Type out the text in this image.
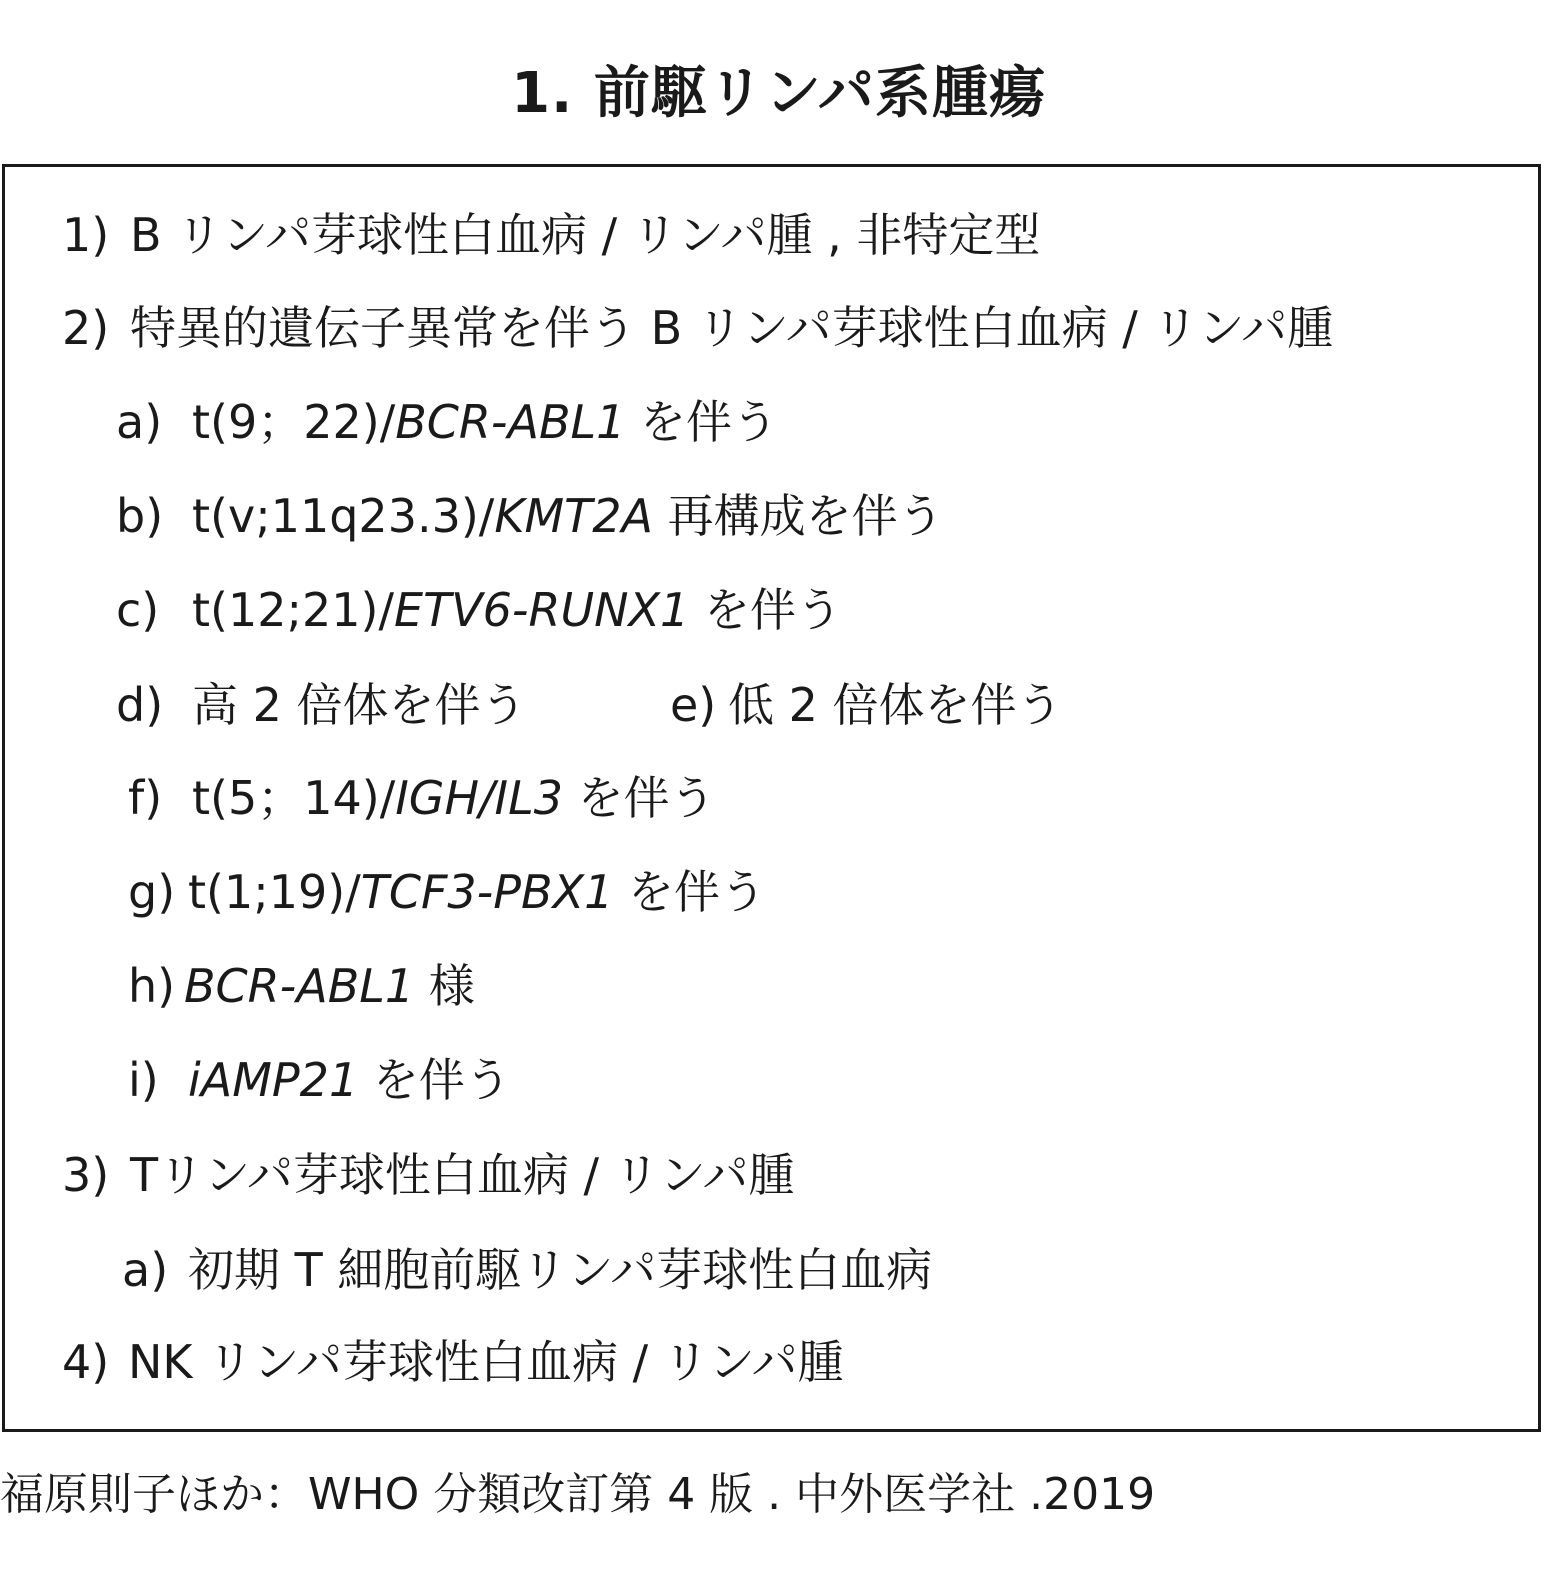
1. 前駆リンパ系腫瘍
1) B リンパ芽球性白血病 / リンパ腫 , 非特定型
2) 特異的遺伝子異常を伴う B リンパ芽球性白血病 / リンパ腫
a) t(9；22)/BCR-ABL1 を伴う
b) t(v;11q23.3)/KMT2A 再構成を伴う
c) t(12;21)/ETV6-RUNX1 を伴う
d) 高 2 倍体を伴う	e) 低 2 倍体を伴う
f) t(5；14)/IGH/IL3 を伴う
g) t(1;19)/TCF3-PBX1 を伴う
h) BCR-ABL1 様
i) iAMP21 を伴う
3) Tリンパ芽球性白血病 / リンパ腫
a) 初期 T 細胞前駆リンパ芽球性白血病
4) NK リンパ芽球性白血病 / リンパ腫
福原則子ほか：WHO 分類改訂第 4 版 . 中外医学社 .2019
